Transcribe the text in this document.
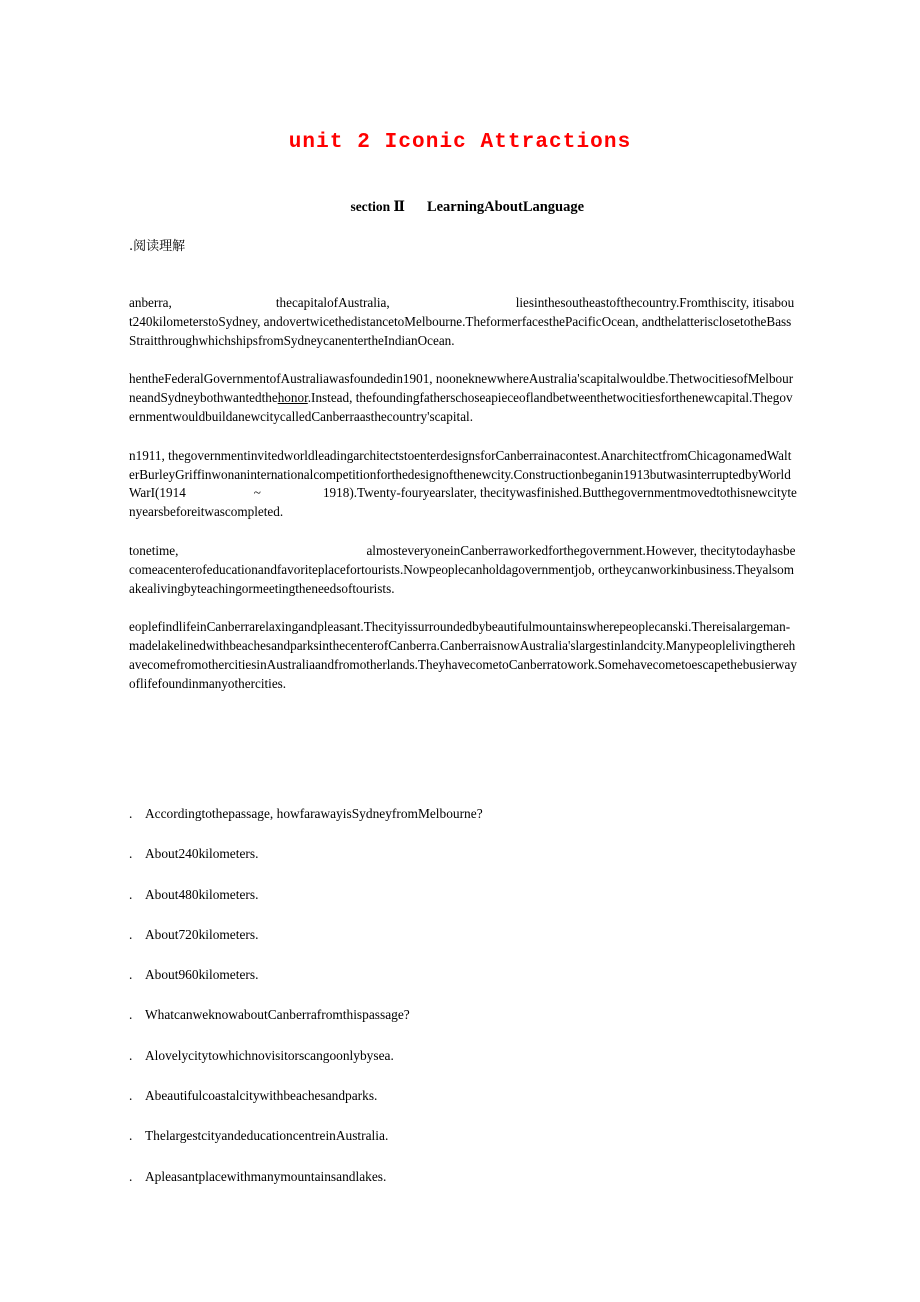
unit 2 Iconic Attractions

section Ⅱ LearningAboutLanguage

.阅读理解

anberra,	thecapitalofAustralia,	liesinthesoutheastofthecountry.Fromthiscity, itisabout240kilometerstoSydney, andovertwicethedistancetoMelbourne.TheformerfacesthePacificOcean, andthelatterisclosetotheBassStraitthroughwhichshipsfromSydneycanentertheIndianOcean.

hentheFederalGovernmentofAustraliawasfoundedin1901, nooneknewwhereAustralia'scapitalwouldbe.ThetwocitiesofMelbourneandSydneybothwantedthehonor.Instead, thefoundingfatherschoseapieceoflandbetweenthetwocitiesforthenewcapital.ThegovernmentwouldbuildanewcitycalledCanberraasthecountry'scapital.

n1911, thegovernmentinvitedworldleadingarchitectstoenterdesignsforCanberrainacontest.AnarchitectfromChicagonamedWalterBurleyGriffinwonaninternationalcompetitionforthedesignofthenewcity.Constructionbeganin1913butwasinterruptedbyWorldWarI(1914	~	1918).Twenty-fouryearslater, thecitywasfinished.Butthegovernmentmovedtothisnewcitytenyearsbeforeitwascompleted.

tonetime,	almosteveryoneinCanberraworkedforthegovernment.However, thecitytodayhasbecomeacenterofeducationandfavoriteplacefortourists.Nowpeoplecanholdagovernmentjob, ortheycanworkinbusiness.Theyalsomakealivingbyteachingormeetingtheneedsoftourists.

eoplefindlifeinCanberrarelaxingandpleasant.Thecityissurroundedbybeautifulmountainswherepeoplecanski.Thereisalargeman-madelakelinedwithbeachesandparksinthecenterofCanberra.CanberraisnowAustralia'slargestinlandcity.ManypeoplelivingtherehavecomefromothercitiesinAustraliaandfromotherlands.TheyhavecometoCanberratowork.Somehavecometoescapethebusierwayoflifefoundinmanyothercities.

. Accordingtothepassage, howfarawayisSydneyfromMelbourne?
. About240kilometers.
. About480kilometers.
. About720kilometers.
. About960kilometers.
. WhatcanweknowaboutCanberrafromthispassage?
. Alovelycitytowhichnovisitorscangoonlybysea.
. Abeautifulcoastalcitywithbeachesandparks.
. ThelargestcityandeducationcentreinAustralia.
. Apleasantplacewithmanymountainsandlakes.
